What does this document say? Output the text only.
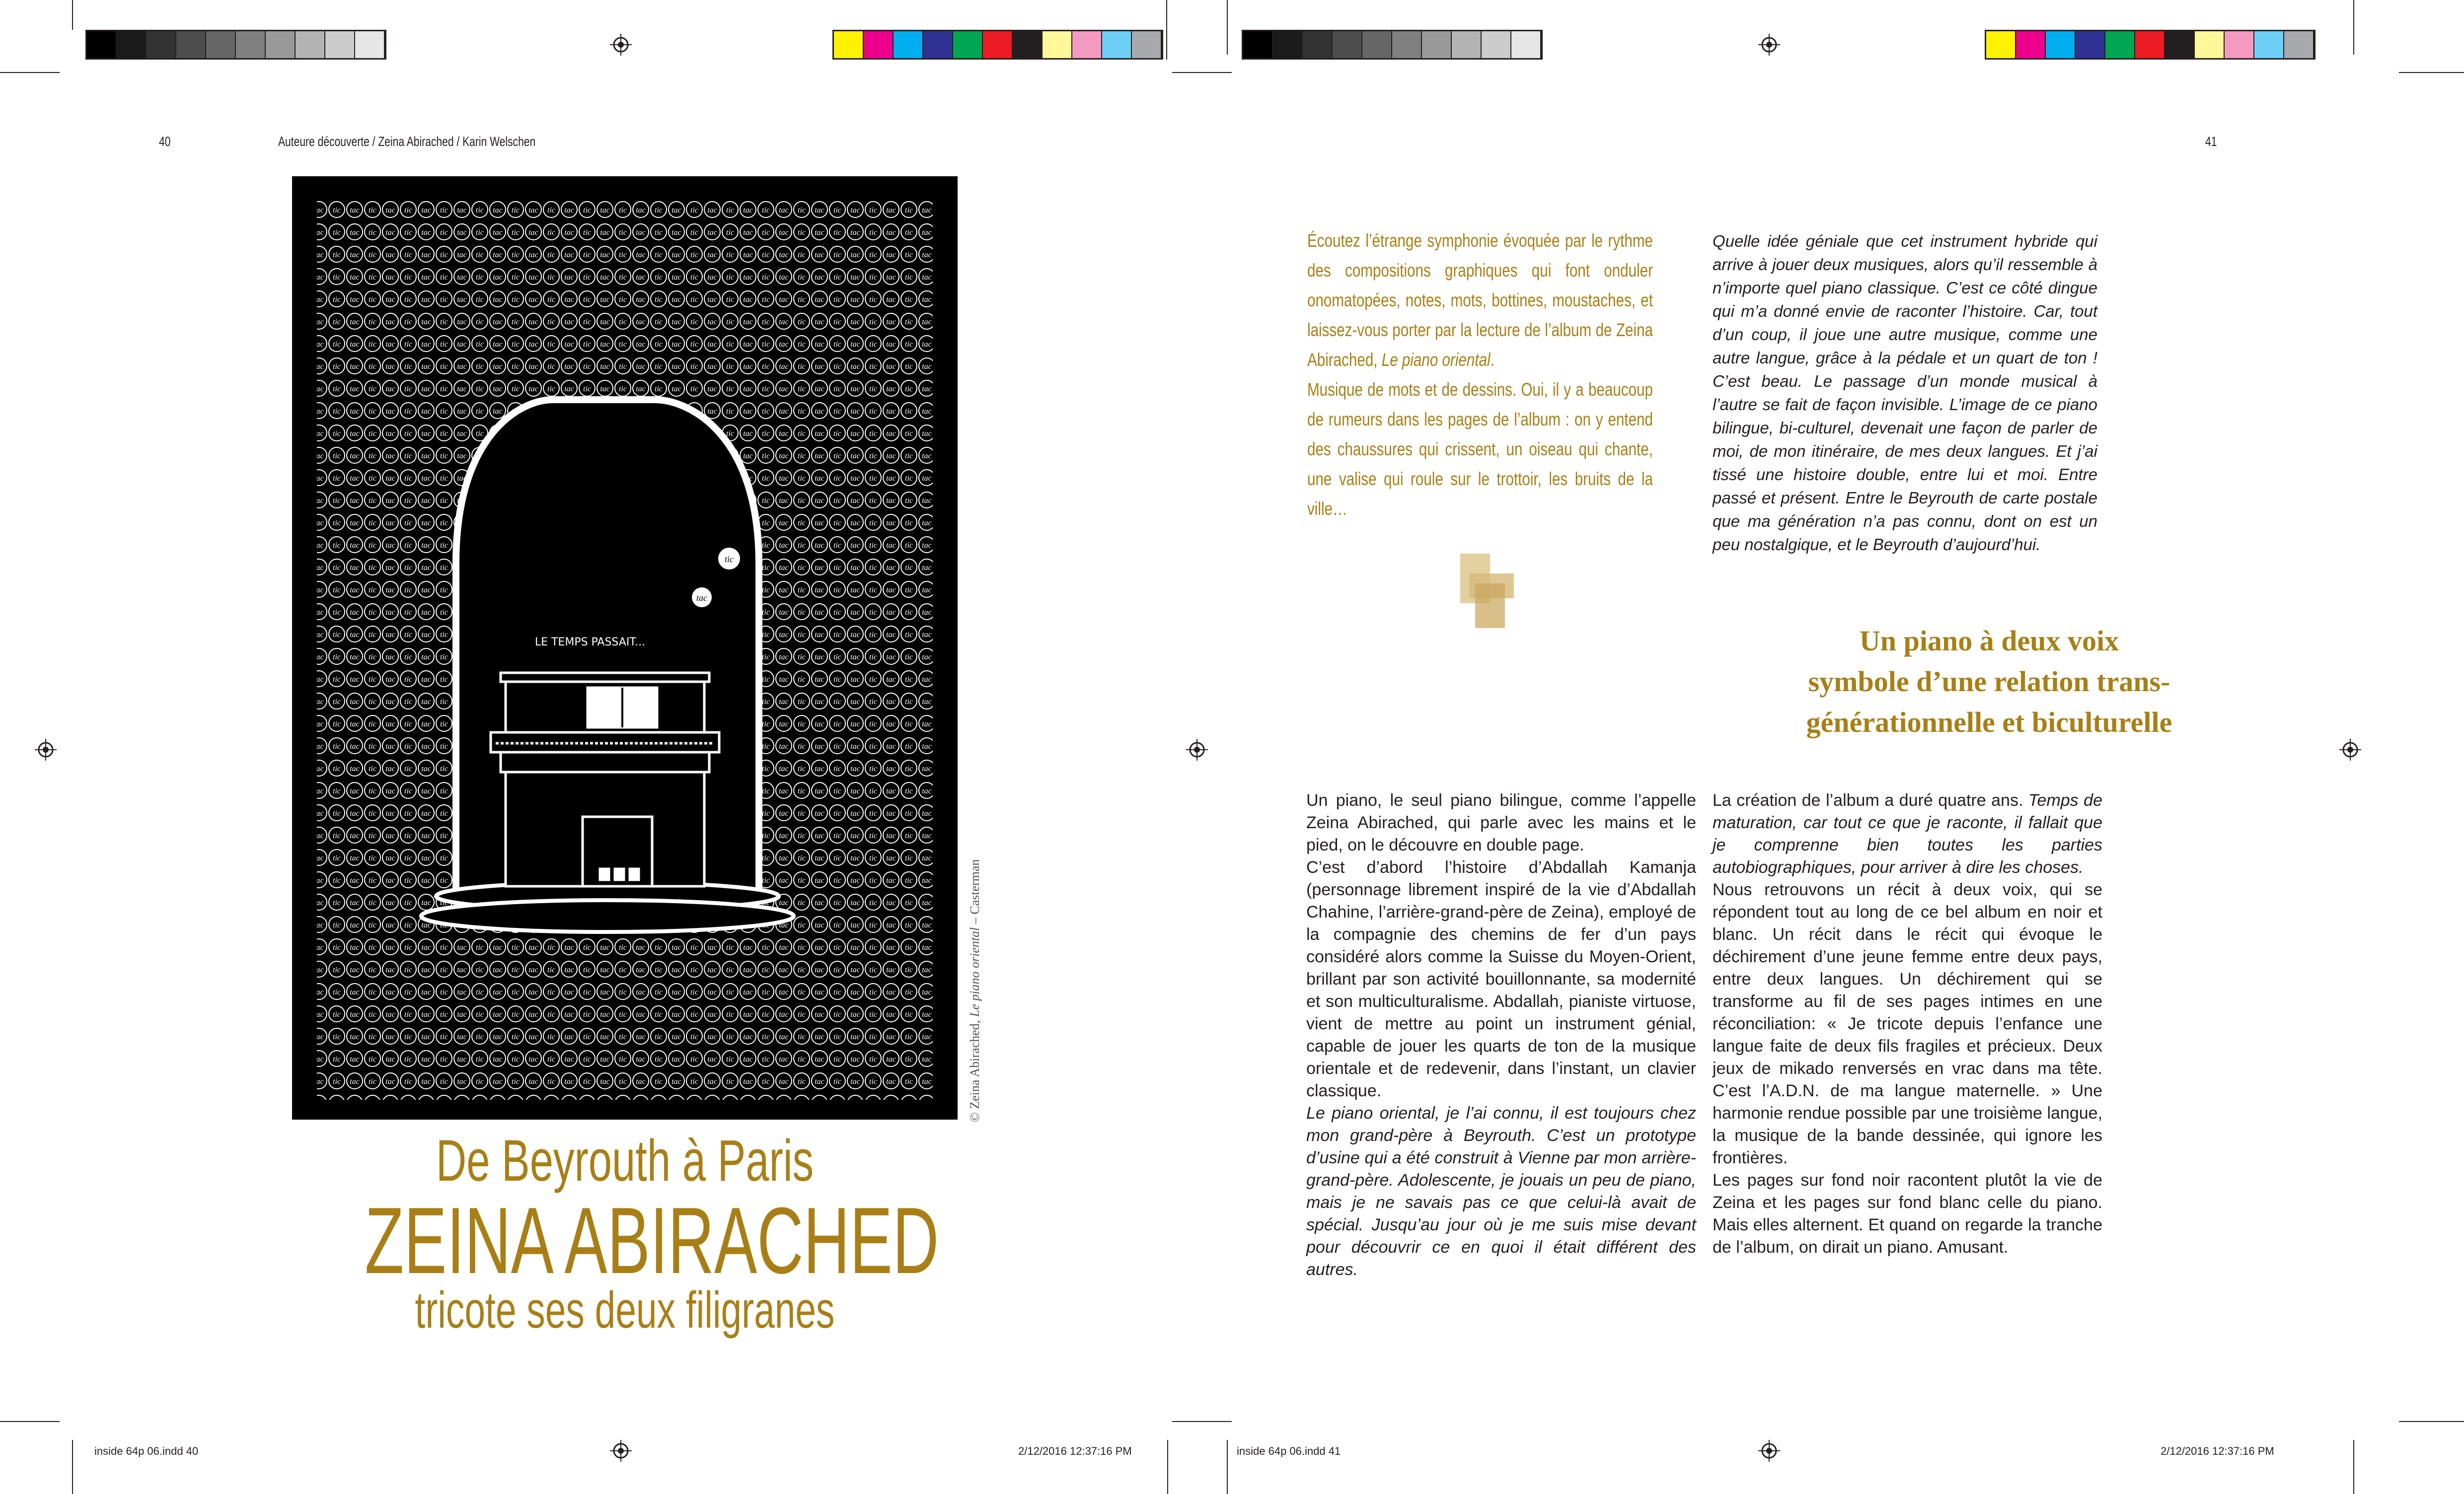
40	Auteure découverte / Zeina Abirached / Karin Welschen	41
tic
tac
LE TEMPS PASSAIT...
© Zeina Abirached, Le piano oriental – Casterman
De Beyrouth à Paris
ZEINA ABIRACHED
tricote ses deux filigranes

Écoutez l’étrange symphonie évoquée par le rythme des compositions graphiques qui font onduler onomatopées, notes, mots, bottines, moustaches, et laissez-vous porter par la lecture de l’album de Zeina Abirached, Le piano oriental.

Musique de mots et de dessins. Oui, il y a beaucoup de rumeurs dans les pages de l’album : on y entend des chaussures qui crissent, un oiseau qui chante, une valise qui roule sur le trottoir, les bruits de la ville…

Quelle idée géniale que cet instrument hybride qui arrive à jouer deux musiques, alors qu’il ressemble à n’importe quel piano classique. C’est ce côté dingue qui m’a donné envie de raconter l’histoire. Car, tout d’un coup, il joue une autre musique, comme une autre langue, grâce à la pédale et un quart de ton ! C’est beau. Le passage d’un monde musical à l’autre se fait de façon invisible. L’image de ce piano bilingue, bi-culturel, devenait une façon de parler de moi, de mon itinéraire, de mes deux langues. Et j’ai tissé une histoire double, entre lui et moi. Entre passé et présent. Entre le Beyrouth de carte postale que ma génération n’a pas connu, dont on est un peu nostalgique, et le Beyrouth d’aujourd’hui.
Un piano à deux voix
symbole d’une relation trans-
générationnelle et biculturelle

Un piano, le seul piano bilingue, comme l’appelle Zeina Abirached, qui parle avec les mains et le pied, on le découvre en double page.

C’est d’abord l’histoire d’Abdallah Kamanja (personnage librement inspiré de la vie d’Abdallah Chahine, l’arrière-grand-père de Zeina), employé de la compagnie des chemins de fer d’un pays considéré alors comme la Suisse du Moyen-Orient, brillant par son activité bouillonnante, sa modernité et son multiculturalisme. Abdallah, pianiste virtuose, vient de mettre au point un instrument génial, capable de jouer les quarts de ton de la musique orientale et de redevenir, dans l’instant, un clavier classique.

Le piano oriental, je l’ai connu, il est toujours chez mon grand-père à Beyrouth. C’est un prototype d’usine qui a été construit à Vienne par mon arrière-grand-père. Adolescente, je jouais un peu de piano, mais je ne savais pas ce que celui-là avait de spécial. Jusqu’au jour où je me suis mise devant pour découvrir ce en quoi il était différent des autres.

La création de l’album a duré quatre ans. Temps de maturation, car tout ce que je raconte, il fallait que je comprenne bien toutes les parties autobiographiques, pour arriver à dire les choses.

Nous retrouvons un récit à deux voix, qui se répondent tout au long de ce bel album en noir et blanc. Un récit dans le récit qui évoque le déchirement d’une jeune femme entre deux pays, entre deux langues. Un déchirement qui se transforme au fil de ses pages intimes en une réconciliation: « Je tricote depuis l’enfance une langue faite de deux fils fragiles et précieux. Deux jeux de mikado renversés en vrac dans ma tête. C’est l’A.D.N. de ma langue maternelle. » Une harmonie rendue possible par une troisième langue, la musique de la bande dessinée, qui ignore les frontières.

Les pages sur fond noir racontent plutôt la vie de Zeina et les pages sur fond blanc celle du piano. Mais elles alternent. Et quand on regarde la tranche de l’album, on dirait un piano. Amusant.

inside 64p 06.indd 40	2/12/2016 12:37:16 PM	inside 64p 06.indd 41	2/12/2016 12:37:16 PM
